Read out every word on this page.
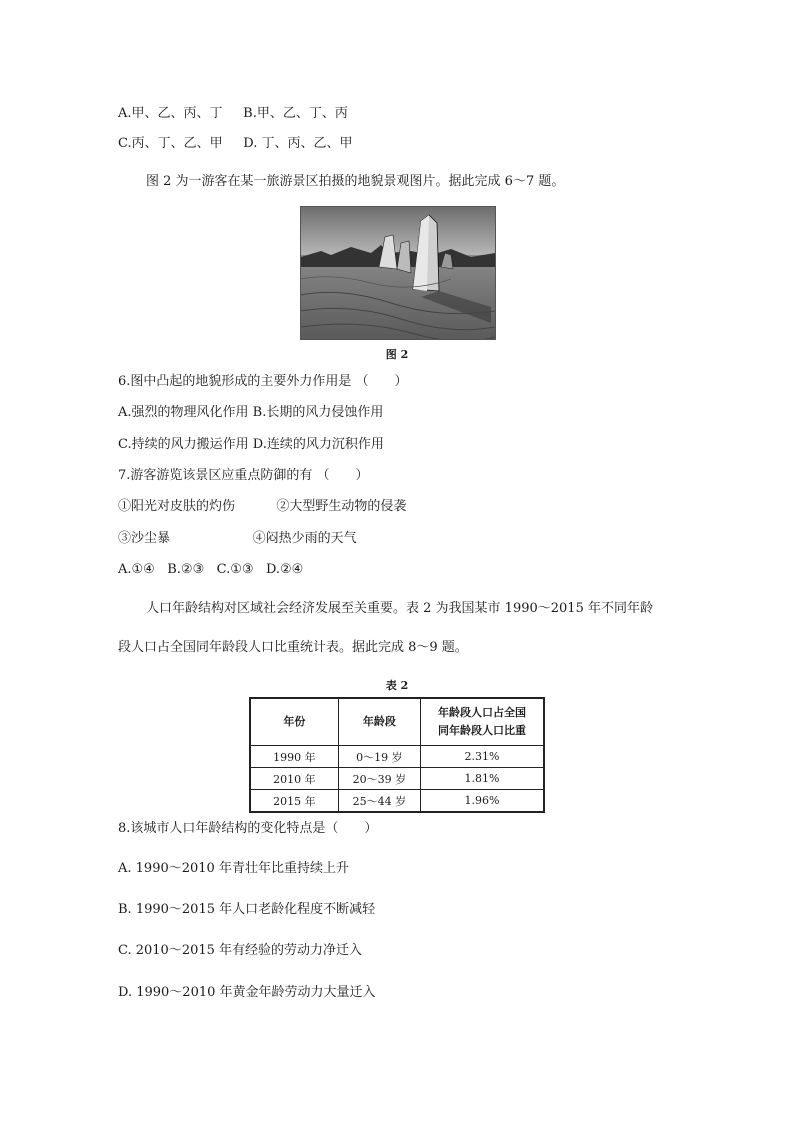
A.甲、乙、丙、丁     B.甲、乙、丁、丙
C.丙、丁、乙、甲     D. 丁、丙、乙、甲
图 2 为一游客在某一旅游景区拍摄的地貌景观图片。据此完成 6～7 题。
图 2
6.图中凸起的地貌形成的主要外力作用是 （　　）
A.强烈的物理风化作用 B.长期的风力侵蚀作用
C.持续的风力搬运作用 D.连续的风力沉积作用
7.游客游览该景区应重点防御的有 （　　）
①阳光对皮肤的灼伤          ②大型野生动物的侵袭
③沙尘暴                    ④闷热少雨的天气
A.①④   B.②③   C.①③   D.②④
人口年龄结构对区域社会经济发展至关重要。表 2 为我国某市 1990～2015 年不同年龄
段人口占全国同年龄段人口比重统计表。据此完成 8～9 题。
表 2
年份	年龄段	年龄段人口占全国
同年龄段人口比重
1990 年	0～19 岁	2.31%
2010 年	20～39 岁	1.81%
2015 年	25～44 岁	1.96%
8.该城市人口年龄结构的变化特点是（　　）
A. 1990～2010 年青壮年比重持续上升
B. 1990～2015 年人口老龄化程度不断减轻
C. 2010～2015 年有经验的劳动力净迁入
D. 1990～2010 年黄金年龄劳动力大量迁入
